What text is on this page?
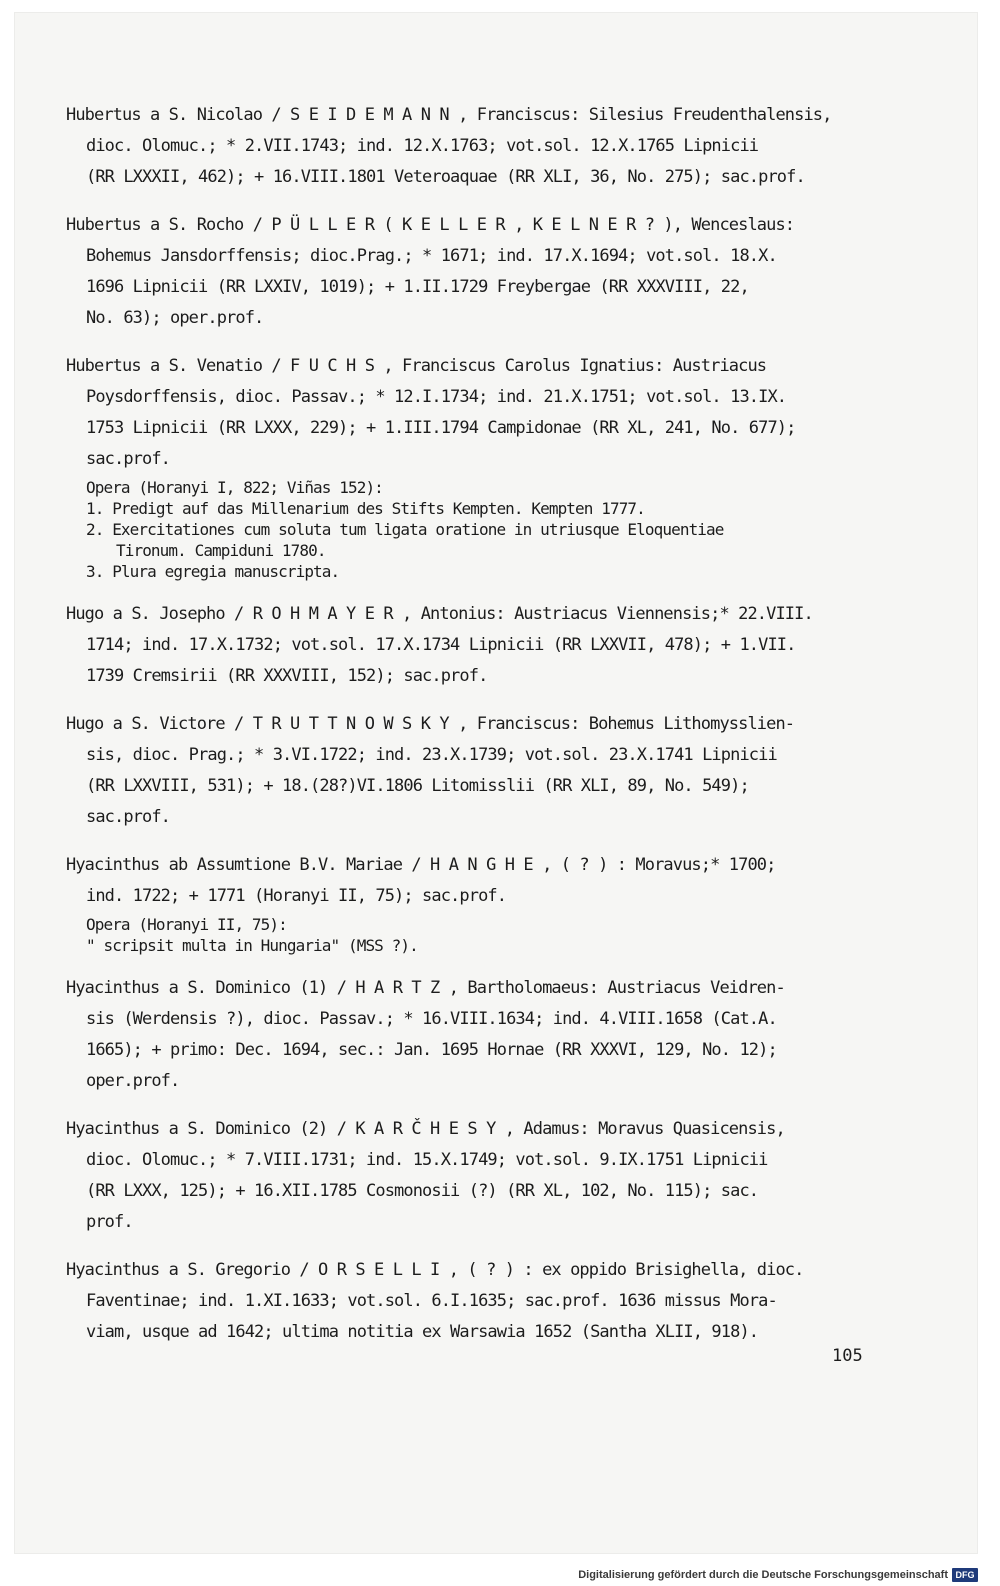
Hubertus a S. Nicolao / S E I D E M A N N , Franciscus: Silesius Freudenthalensis,
dioc. Olomuc.; * 2.VII.1743; ind. 12.X.1763; vot.sol. 12.X.1765 Lipnicii
(RR LXXXII, 462); + 16.VIII.1801 Veteroaquae (RR XLI, 36, No. 275); sac.prof.
Hubertus a S. Rocho / P Ü L L E R ( K E L L E R , K E L N E R ? ), Wenceslaus:
Bohemus Jansdorffensis; dioc.Prag.; * 1671; ind. 17.X.1694; vot.sol. 18.X.
1696 Lipnicii (RR LXXIV, 1019); + 1.II.1729 Freybergae (RR XXXVIII, 22,
No. 63); oper.prof.
Hubertus a S. Venatio / F U C H S , Franciscus Carolus Ignatius: Austriacus
Poysdorffensis, dioc. Passav.; * 12.I.1734; ind. 21.X.1751; vot.sol. 13.IX.
1753 Lipnicii (RR LXXX, 229); + 1.III.1794 Campidonae (RR XL, 241, No. 677);
sac.prof.
Opera (Horanyi I, 822; Viñas 152):
1. Predigt auf das Millenarium des Stifts Kempten. Kempten 1777.
2. Exercitationes cum soluta tum ligata oratione in utriusque Eloquentiae
Tironum. Campiduni 1780.
3. Plura egregia manuscripta.
Hugo a S. Josepho / R O H M A Y E R , Antonius: Austriacus Viennensis;* 22.VIII.
1714; ind. 17.X.1732; vot.sol. 17.X.1734 Lipnicii (RR LXXVII, 478); + 1.VII.
1739 Cremsirii (RR XXXVIII, 152); sac.prof.
Hugo a S. Victore / T R U T T N O W S K Y , Franciscus: Bohemus Lithomysslien-
sis, dioc. Prag.; * 3.VI.1722; ind. 23.X.1739; vot.sol. 23.X.1741 Lipnicii
(RR LXXVIII, 531); + 18.(28?)VI.1806 Litomisslii (RR XLI, 89, No. 549);
sac.prof.
Hyacinthus ab Assumtione B.V. Mariae / H A N G H E , ( ? ) : Moravus;* 1700;
ind. 1722; + 1771 (Horanyi II, 75); sac.prof.
Opera (Horanyi II, 75):
" scripsit multa in Hungaria" (MSS ?).
Hyacinthus a S. Dominico (1) / H A R T Z , Bartholomaeus: Austriacus Veidren-
sis (Werdensis ?), dioc. Passav.; * 16.VIII.1634; ind. 4.VIII.1658 (Cat.A.
1665); + primo: Dec. 1694, sec.: Jan. 1695 Hornae (RR XXXVI, 129, No. 12);
oper.prof.
Hyacinthus a S. Dominico (2) / K A R Č H E S Y , Adamus: Moravus Quasicensis,
dioc. Olomuc.; * 7.VIII.1731; ind. 15.X.1749; vot.sol. 9.IX.1751 Lipnicii
(RR LXXX, 125); + 16.XII.1785 Cosmonosii (?) (RR XL, 102, No. 115); sac.
prof.
Hyacinthus a S. Gregorio / O R S E L L I , ( ? ) : ex oppido Brisighella, dioc.
Faventinae; ind. 1.XI.1633; vot.sol. 6.I.1635; sac.prof. 1636 missus Mora-
viam, usque ad 1642; ultima notitia ex Warsawia 1652 (Santha XLII, 918).
105
Digitalisierung gefördert durch die Deutsche Forschungsgemeinschaft DFG
